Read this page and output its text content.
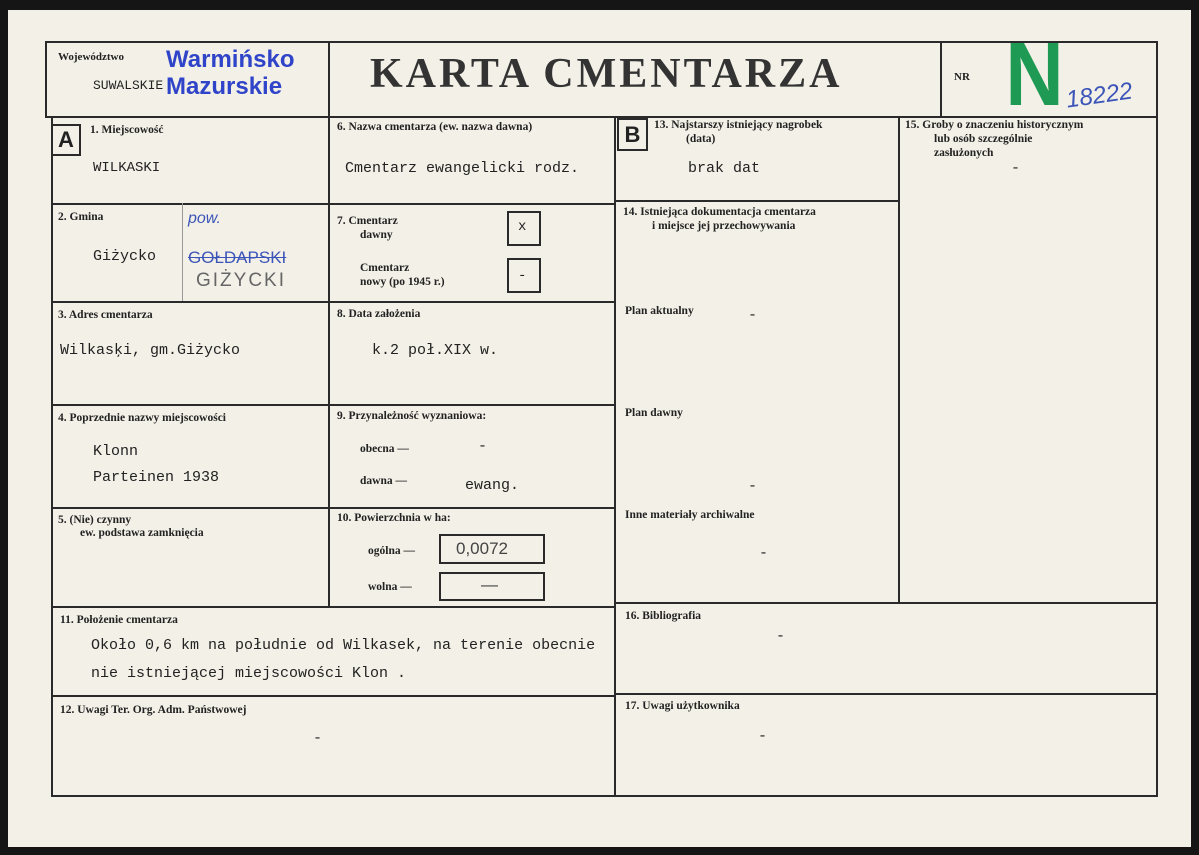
Województwo
SUWALSKIE
Warmińsko
Mazurskie KARTA CMENTARZA	NR N 18222
A	B
1. Miejscowość
WILKASKI
2. Gmina
Giżycko
pow.
GOŁDAPSKI
GIŻYCKI
3. Adres cmentarza
Wilkasķi, gm.Giżycko
4. Poprzednie nazwy miejscowości
Klonn
Parteinen 1938
5. (Nie) czynny
ew. podstawa zamknięcia
6. Nazwa cmentarza (ew. nazwa dawna)
Cmentarz ewangelicki rodz.
7. Cmentarz
dawny	x
Cmentarz
nowy (po 1945 r.)	-
8. Data założenia
k.2 poł.XIX w.
9. Przynależność wyznaniowa:
obecna —	-
dawna —	ewang.
10. Powierzchnia w ha:
ogólna — 0,0072
wolna —	—
11. Położenie cmentarza
Około 0,6 km na południe od Wilkasek, na terenie obecnie
nie istniejącej miejscowości Klon .
12. Uwagi Ter. Org. Adm. Państwowej
-
13. Najstarszy istniejący nagrobek
(data)
brak dat
14. Istniejąca dokumentacja cmentarza
i miejsce jej przechowywania
Plan aktualny	-
Plan dawny
-
Inne materiały archiwalne
-
15. Groby o znaczeniu historycznym
lub osób szczególnie
zasłużonych
-
16. Bibliografia
-
17. Uwagi użytkownika
-
